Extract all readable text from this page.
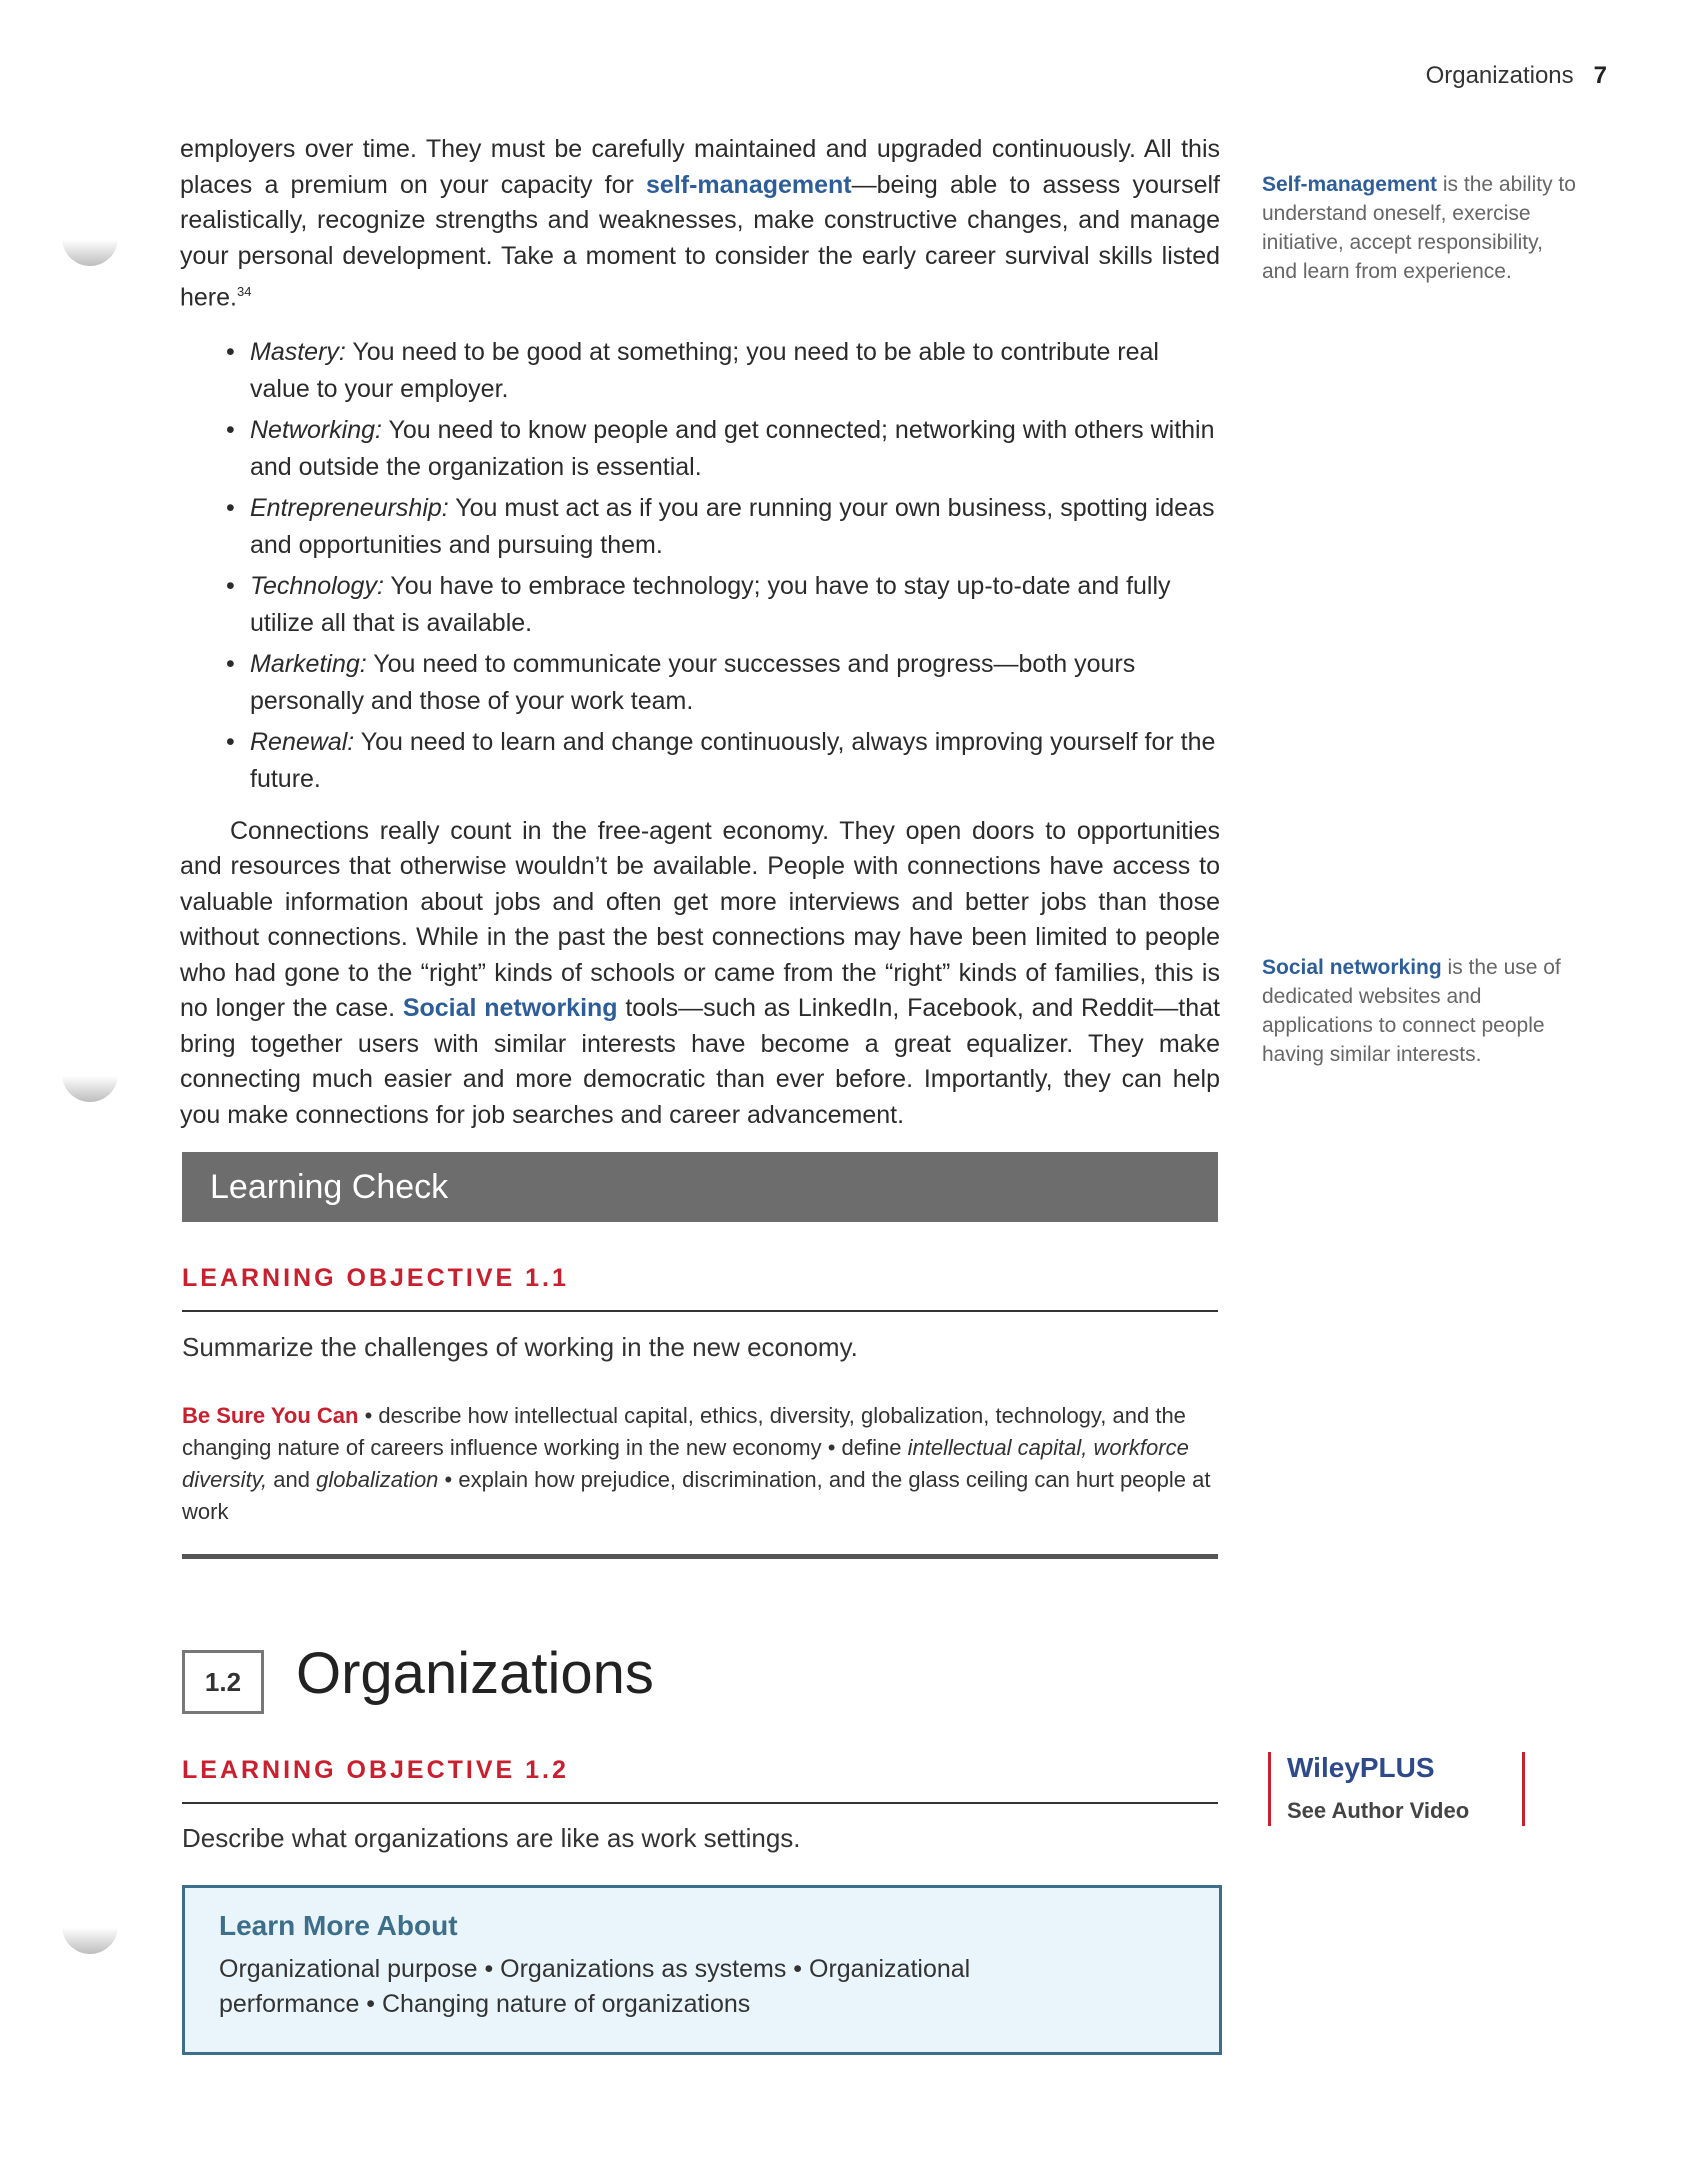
Organizations 7

employers over time. They must be carefully maintained and upgraded continuously. All this places a premium on your capacity for self-management—being able to assess yourself realistically, recognize strengths and weaknesses, make constructive changes, and manage your personal development. Take a moment to consider the early career survival skills listed here.$^{34}$

• Mastery: You need to be good at something; you need to be able to contribute real value to your employer.
• Networking: You need to know people and get connected; networking with others within and outside the organization is essential.
• Entrepreneurship: You must act as if you are running your own business, spotting ideas and opportunities and pursuing them.
• Technology: You have to embrace technology; you have to stay up-to-date and fully utilize all that is available.
• Marketing: You need to communicate your successes and progress—both yours personally and those of your work team.
• Renewal: You need to learn and change continuously, always improving yourself for the future.

Connections really count in the free-agent economy. They open doors to opportunities and resources that otherwise wouldn’t be available. People with connections have access to valuable information about jobs and often get more interviews and better jobs than those without connections. While in the past the best connections may have been limited to people who had gone to the “right” kinds of schools or came from the “right” kinds of families, this is no longer the case. Social networking tools—such as LinkedIn, Facebook, and Reddit—that bring together users with similar interests have become a great equalizer. They make connecting much easier and more democratic than ever before. Importantly, they can help you make connections for job searches and career advancement.

Self-management is the ability to understand oneself, exercise initiative, accept responsibility, and learn from experience.
Social networking is the use of dedicated websites and applications to connect people having similar interests.
Learning Check
LEARNING OBJECTIVE 1.1
Summarize the challenges of working in the new economy.
Be Sure You Can • describe how intellectual capital, ethics, diversity, globalization, technology, and the changing nature of careers influence working in the new economy • define intellectual capital, workforce diversity, and globalization • explain how prejudice, discrimination, and the glass ceiling can hurt people at work
1.2 Organizations
LEARNING OBJECTIVE 1.2
Describe what organizations are like as work settings.
WileyPLUS
See Author Video
Learn More About
Organizational purpose • Organizations as systems • Organizational performance • Changing nature of organizations
